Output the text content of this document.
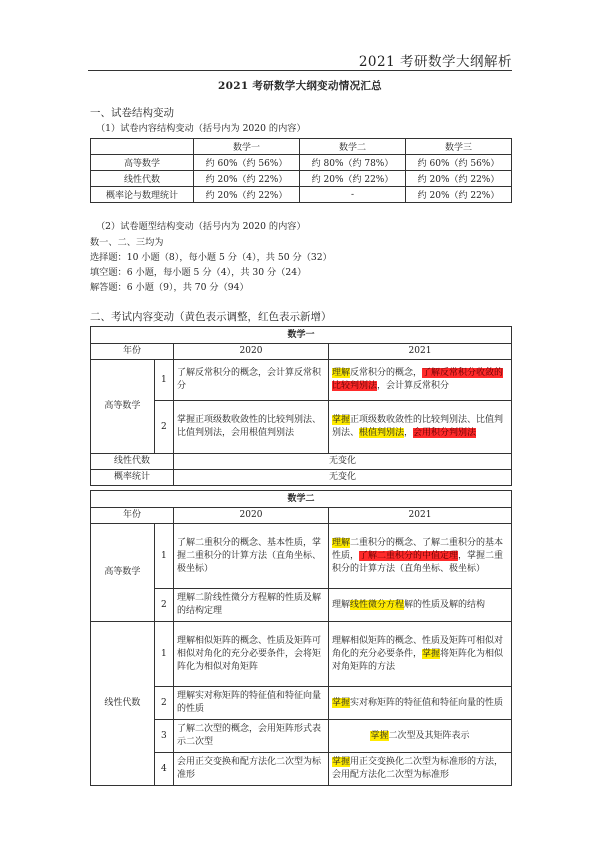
2021 考研数学大纲解析
2021 考研数学大纲变动情况汇总
一、试卷结构变动
（1）试卷内容结构变动（括号内为 2020 的内容）
	数学一	数学二	数学三
高等数学	约 60%（约 56%）	约 80%（约 78%）	约 60%（约 56%）
线性代数	约 20%（约 22%）	约 20%（约 22%）	约 20%（约 22%）
概率论与数理统计	约 20%（约 22%）	-	约 20%（约 22%）
（2）试卷题型结构变动（括号内为 2020 的内容）
数一、二、三均为
选择题：10 小题（8），每小题 5 分（4），共 50 分（32）
填空题：6 小题，每小题 5 分（4），共 30 分（24）
解答题：6 小题（9），共 70 分（94）
二、考试内容变动（黄色表示调整，红色表示新增）
数学一			
年份		2020	2021
高等数学	1	了解反常积分的概念，会计算反常积分	理解反常积分的概念，了解反常积分收敛的比较判别法，会计算反常积分
	2	掌握正项级数收敛性的比较判别法、比值判别法，会用根值判别法	掌握正项级数收敛性的比较判别法、比值判别法、根值判别法，会用积分判别法
线性代数		无变化	
概率统计		无变化	
数学二			
年份		2020	2021
高等数学	1	了解二重积分的概念、基本性质，掌握二重积分的计算方法（直角坐标、极坐标）	理解二重积分的概念、了解二重积分的基本性质，了解二重积分的中值定理，掌握二重积分的计算方法（直角坐标、极坐标）
	2	理解二阶线性微分方程解的性质及解的结构定理	理解线性微分方程解的性质及解的结构
线性代数	1	理解相似矩阵的概念、性质及矩阵可相似对角化的充分必要条件，会将矩阵化为相似对角矩阵	理解相似矩阵的概念、性质及矩阵可相似对角化的充分必要条件，掌握将矩阵化为相似对角矩阵的方法
	2	理解实对称矩阵的特征值和特征向量的性质	掌握实对称矩阵的特征值和特征向量的性质
	3	了解二次型的概念，会用矩阵形式表示二次型	掌握二次型及其矩阵表示
	4	会用正交变换和配方法化二次型为标准形	掌握用正交变换化二次型为标准形的方法，会用配方法化二次型为标准形
